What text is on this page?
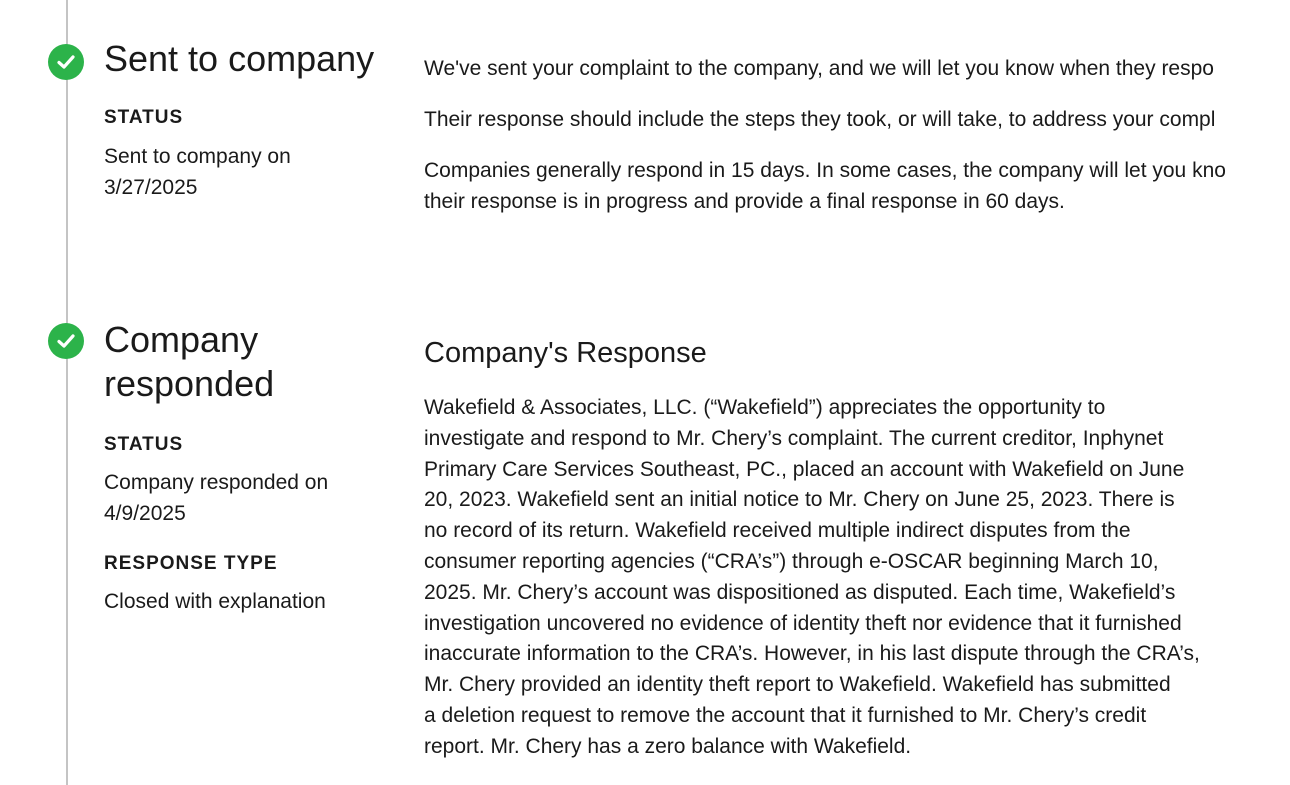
Sent to company

STATUS

Sent to company on
3/27/2025

We've sent your complaint to the company, and we will let you know when they respo

Their response should include the steps they took, or will take, to address your compl

Companies generally respond in 15 days. In some cases, the company will let you kno

their response is in progress and provide a final response in 60 days.

Company
responded

STATUS

Company responded on
4/9/2025

RESPONSE TYPE

Closed with explanation

Company's Response
Wakefield & Associates, LLC. (“Wakefield”) appreciates the opportunity to
investigate and respond to Mr. Chery’s complaint. The current creditor, Inphynet
Primary Care Services Southeast, PC., placed an account with Wakefield on June
20, 2023. Wakefield sent an initial notice to Mr. Chery on June 25, 2023. There is
no record of its return. Wakefield received multiple indirect disputes from the
consumer reporting agencies (“CRA’s”) through e-OSCAR beginning March 10,
2025. Mr. Chery’s account was dispositioned as disputed. Each time, Wakefield’s
investigation uncovered no evidence of identity theft nor evidence that it furnished
inaccurate information to the CRA’s. However, in his last dispute through the CRA’s,
Mr. Chery provided an identity theft report to Wakefield. Wakefield has submitted
a deletion request to remove the account that it furnished to Mr. Chery’s credit
report. Mr. Chery has a zero balance with Wakefield.
